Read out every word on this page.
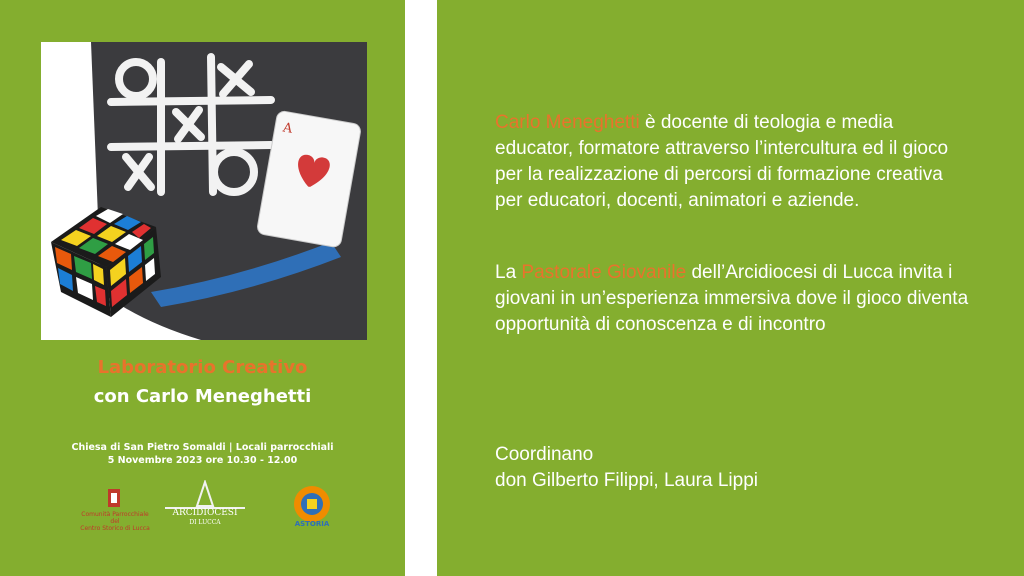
A
Laboratorio Creativo
con Carlo Meneghetti
Chiesa di San Pietro Somaldi | Locali parrocchiali
5 Novembre 2023 ore 10.30 - 12.00
Comunità Parrocchiale del
Centro Storico di Lucca
ARCIDIOCESI
DI LUCCA	ASTORIA

Carlo Meneghetti è docente di teologia e media educator, formatore attraverso l’intercultura ed il gioco per la realizzazione di percorsi di formazione creativa per educatori, docenti, animatori e aziende.

La Pastorale Giovanile dell’Arcidiocesi di Lucca invita i giovani in un’esperienza immersiva dove il gioco diventa opportunità di conoscenza e di incontro

Coordinano

don Gilberto Filippi, Laura Lippi
